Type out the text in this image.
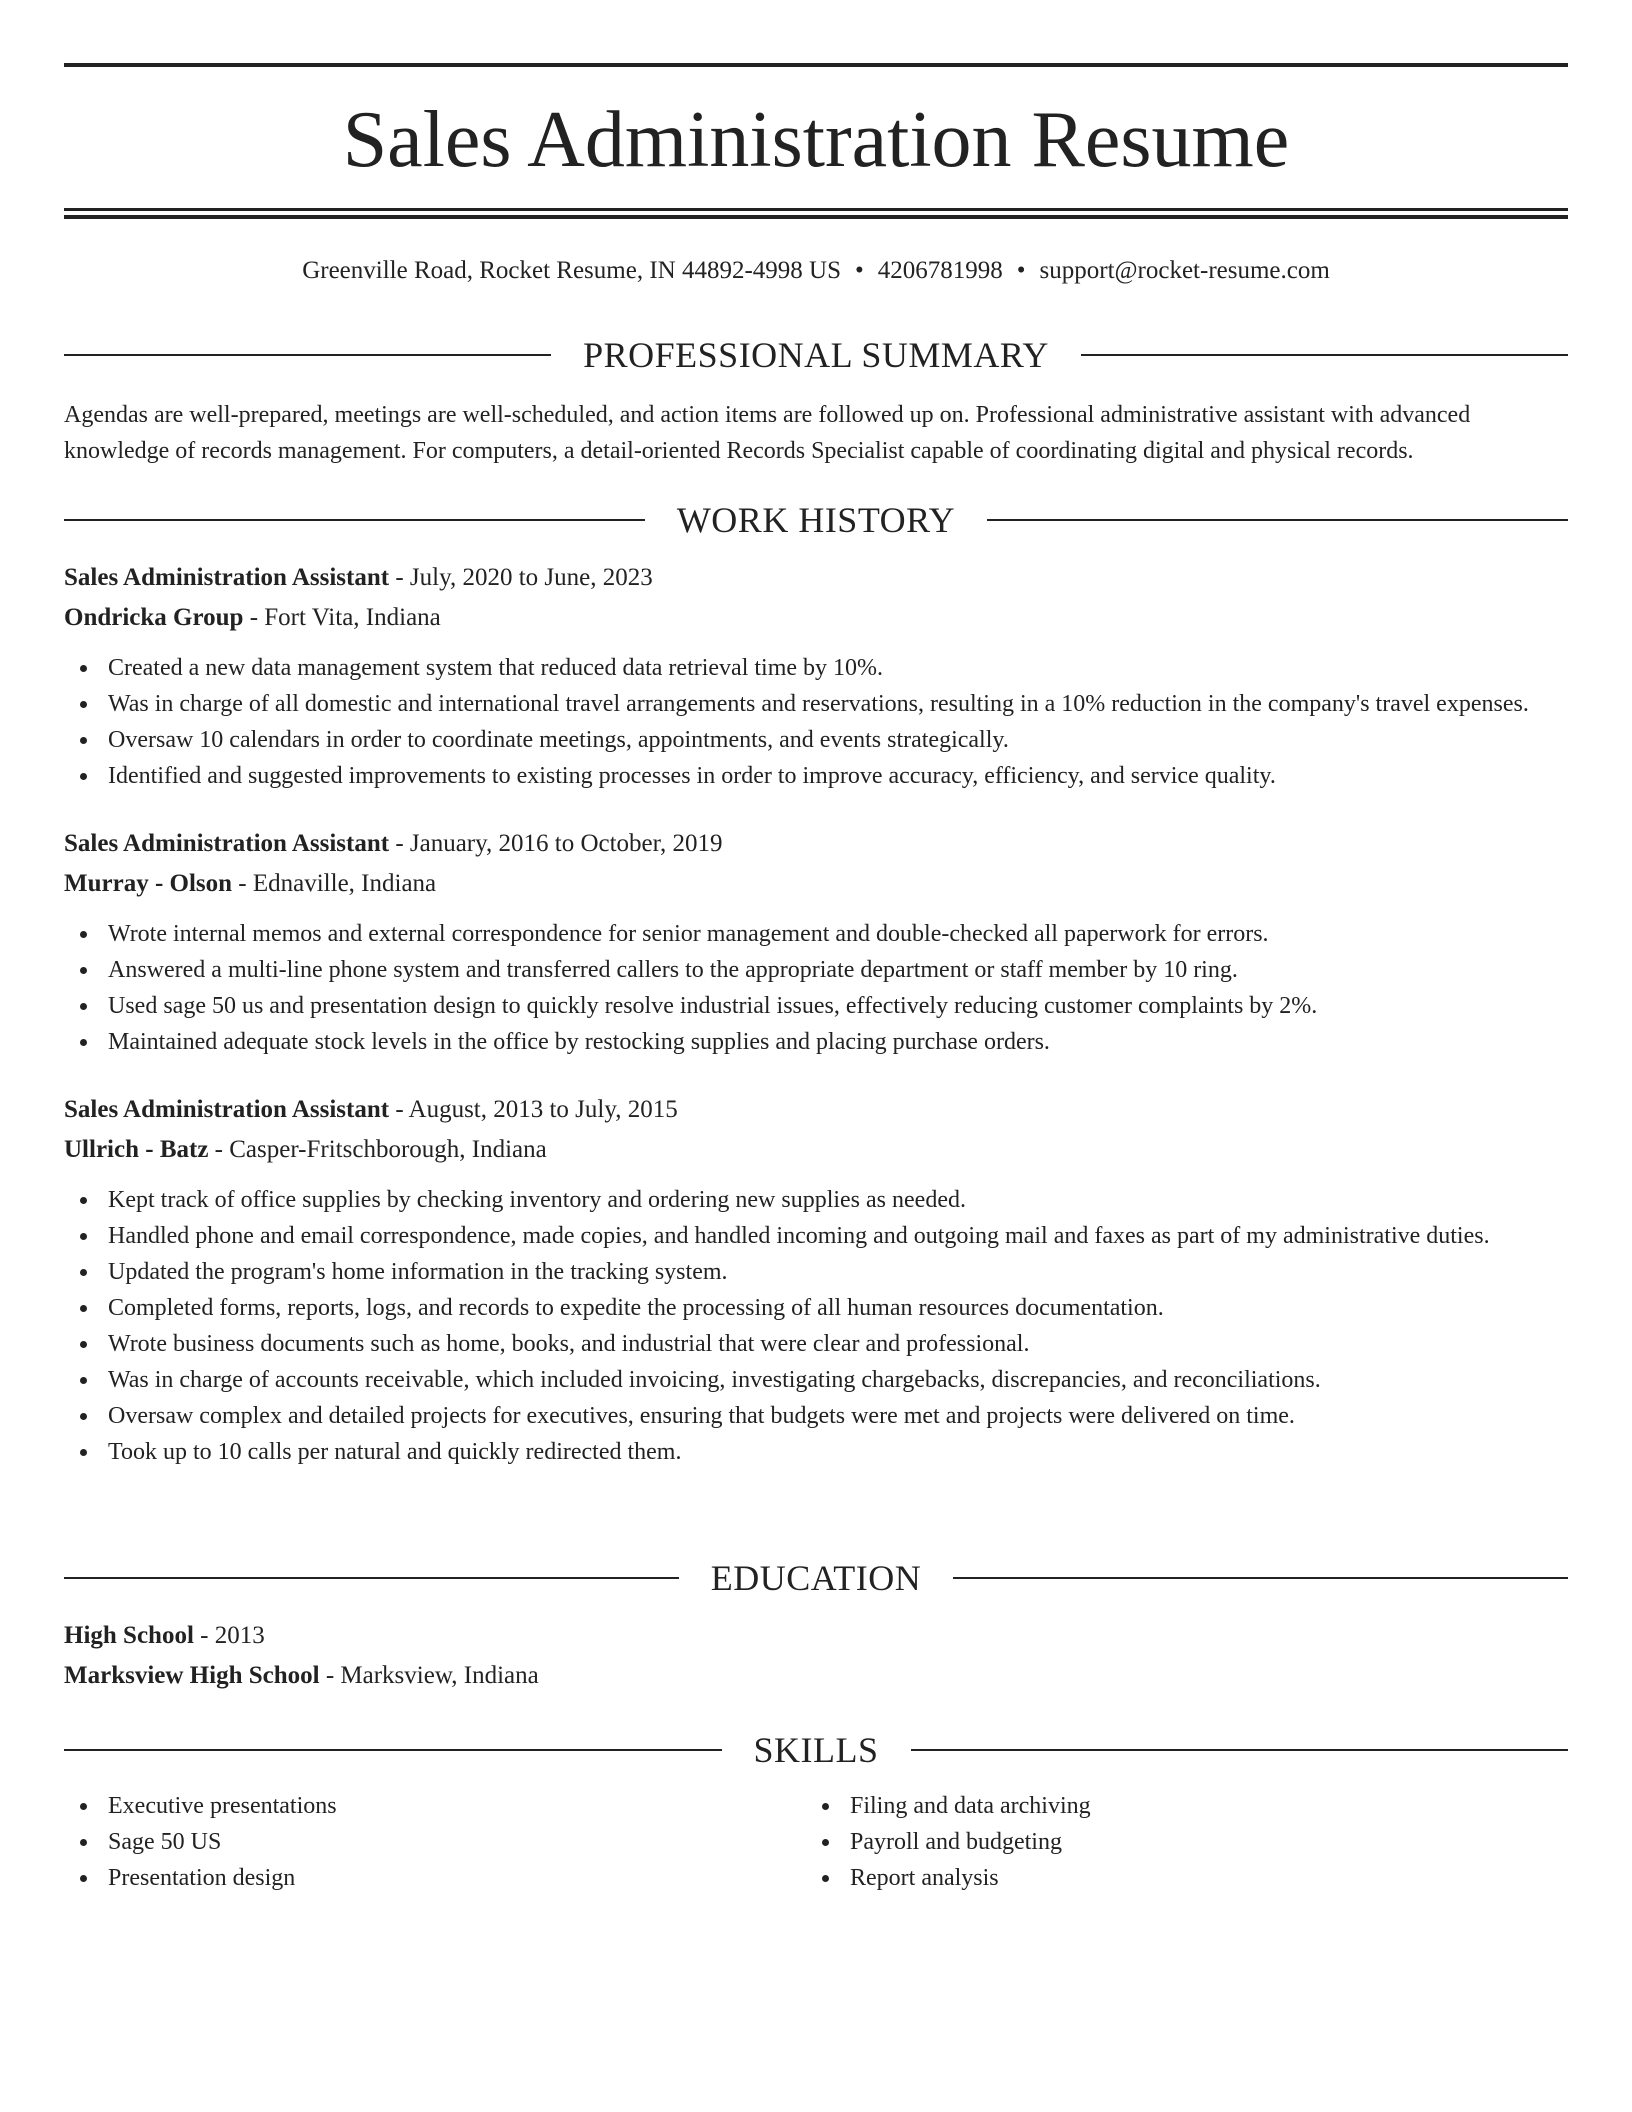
Sales Administration Resume
Greenville Road, Rocket Resume, IN 44892-4998 US • 4206781998 • support@rocket-resume.com
PROFESSIONAL SUMMARY

Agendas are well-prepared, meetings are well-scheduled, and action items are followed up on. Professional administrative assistant with advanced knowledge of records management. For computers, a detail-oriented Records Specialist capable of coordinating digital and physical records.

WORK HISTORY
Sales Administration Assistant - July, 2020 to June, 2023
Ondricka Group - Fort Vita, Indiana
Created a new data management system that reduced data retrieval time by 10%.
Was in charge of all domestic and international travel arrangements and reservations, resulting in a 10% reduction in the company's travel expenses.
Oversaw 10 calendars in order to coordinate meetings, appointments, and events strategically.
Identified and suggested improvements to existing processes in order to improve accuracy, efficiency, and service quality.
Sales Administration Assistant - January, 2016 to October, 2019
Murray - Olson - Ednaville, Indiana
Wrote internal memos and external correspondence for senior management and double-checked all paperwork for errors.
Answered a multi-line phone system and transferred callers to the appropriate department or staff member by 10 ring.
Used sage 50 us and presentation design to quickly resolve industrial issues, effectively reducing customer complaints by 2%.
Maintained adequate stock levels in the office by restocking supplies and placing purchase orders.
Sales Administration Assistant - August, 2013 to July, 2015
Ullrich - Batz - Casper-Fritschborough, Indiana
Kept track of office supplies by checking inventory and ordering new supplies as needed.
Handled phone and email correspondence, made copies, and handled incoming and outgoing mail and faxes as part of my administrative duties.
Updated the program's home information in the tracking system.
Completed forms, reports, logs, and records to expedite the processing of all human resources documentation.
Wrote business documents such as home, books, and industrial that were clear and professional.
Was in charge of accounts receivable, which included invoicing, investigating chargebacks, discrepancies, and reconciliations.
Oversaw complex and detailed projects for executives, ensuring that budgets were met and projects were delivered on time.
Took up to 10 calls per natural and quickly redirected them.
EDUCATION
High School - 2013
Marksview High School - Marksview, Indiana
SKILLS
Executive presentations
Sage 50 US
Presentation design
Filing and data archiving
Payroll and budgeting
Report analysis
